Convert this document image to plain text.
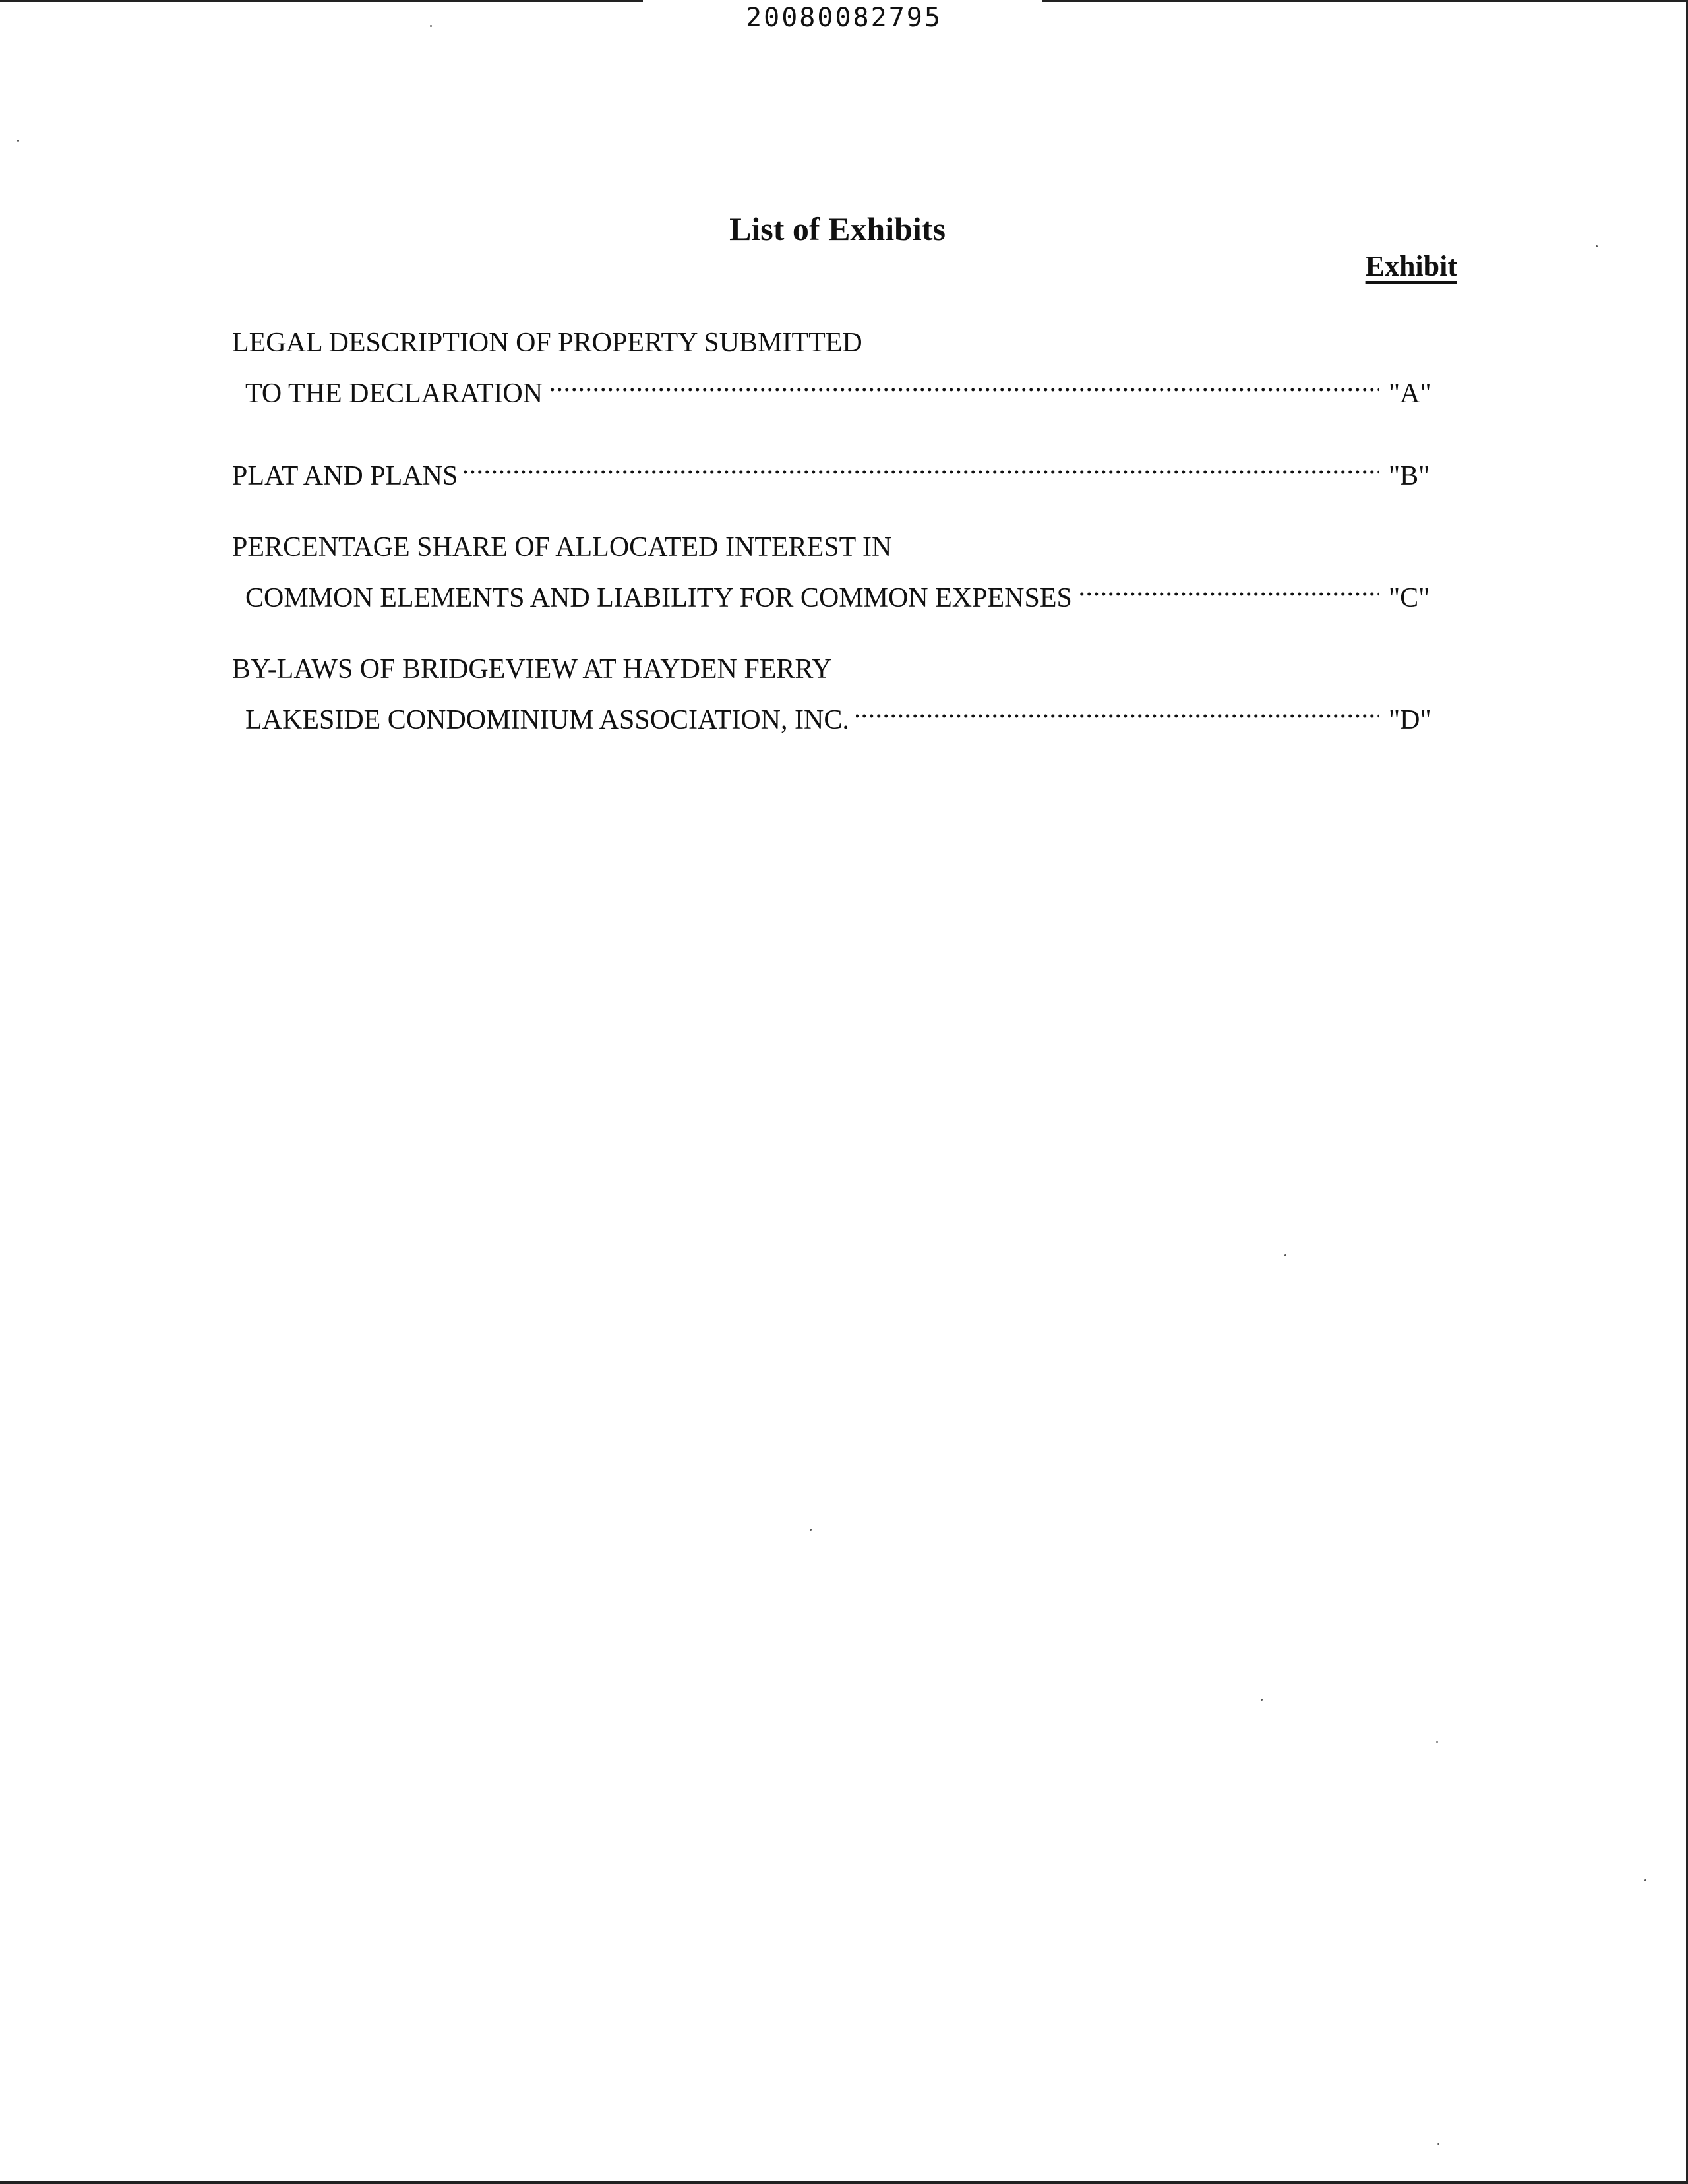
20080082795
List of Exhibits
Exhibit
LEGAL DESCRIPTION OF PROPERTY SUBMITTED
TO THE DECLARATION . . .	"A"
PLAT AND PLANS . . .	"B"
PERCENTAGE SHARE OF ALLOCATED INTEREST IN
COMMON ELEMENTS AND LIABILITY FOR COMMON EXPENSES . . .	"C"
BY-LAWS OF BRIDGEVIEW AT HAYDEN FERRY
LAKESIDE CONDOMINIUM ASSOCIATION, INC. . . .	"D"
